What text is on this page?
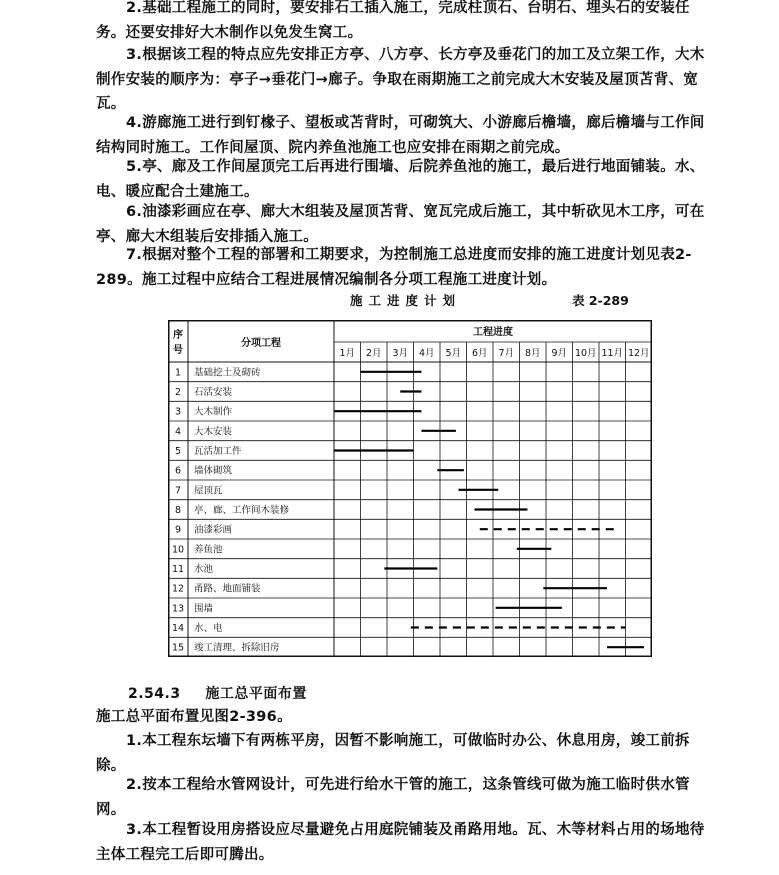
2.基础工程施工的同时，要安排石工插入施工，完成柱顶石、台明石、埋头石的安装任务。还要安排好大木制作以免发生窝工。

3.根据该工程的特点应先安排正方亭、八方亭、长方亭及垂花门的加工及立架工作，大木制作安装的顺序为：亭子→垂花门→廊子。争取在雨期施工之前完成大木安装及屋顶苫背、宽瓦。

4.游廊施工进行到钉椽子、望板或苫背时，可砌筑大、小游廊后檐墙，廊后檐墙与工作间结构同时施工。工作间屋顶、院内养鱼池施工也应安排在雨期之前完成。

5.亭、廊及工作间屋顶完工后再进行围墙、后院养鱼池的施工，最后进行地面铺装。水、电、暖应配合土建施工。

6.油漆彩画应在亭、廊大木组装及屋顶苫背、宽瓦完成后施工，其中斩砍见木工序，可在亭、廊大木组装后安排插入施工。

7.根据对整个工程的部署和工期要求，为控制施工总进度而安排的施工进度计划见表2-289。施工过程中应结合工程进展情况编制各分项工程施工进度计划。

施工进度计划	表 2-289
序
号
分项工程
工程进度
1月 2月 3月 4月 5月 6月 7月 8月 9月 10月 11月 12月
1 基础挖土及砌砖
2 石活安装
3 大木制作
4 大木安装
5 瓦活加工件
6 墙体砌筑
7 屋顶瓦
8 亭、廊、工作间木装修
9 油漆彩画
10 养鱼池
11 水池
12 甬路、地面铺装
13 围墙
14 水、电
15 竣工清理、拆除旧房
2.54.3 施工总平面布置

施工总平面布置见图2-396。

1.本工程东坛墙下有两栋平房，因暂不影响施工，可做临时办公、休息用房，竣工前拆除。

2.按本工程给水管网设计，可先进行给水干管的施工，这条管线可做为施工临时供水管网。

3.本工程暂设用房搭设应尽量避免占用庭院铺装及甬路用地。瓦、木等材料占用的场地待主体工程完工后即可腾出。
